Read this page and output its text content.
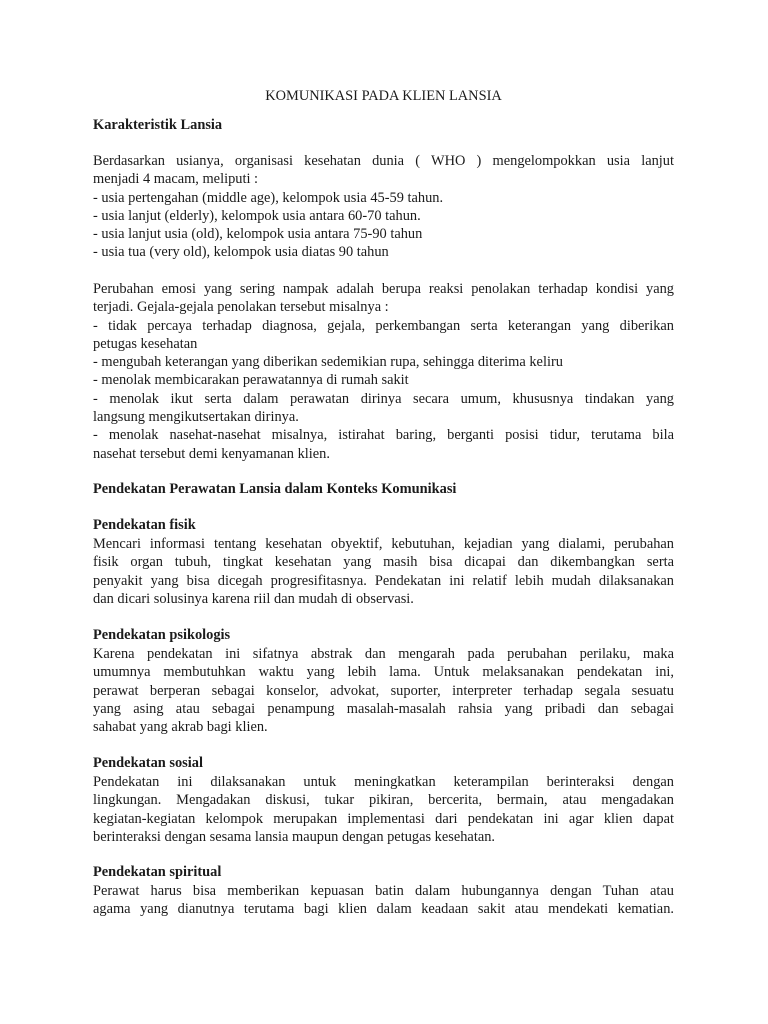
KOMUNIKASI PADA KLIEN LANSIA
Karakteristik Lansia
Berdasarkan usianya, organisasi kesehatan dunia ( WHO ) mengelompokkan usia lanjut
menjadi 4 macam, meliputi :
- usia pertengahan (middle age), kelompok usia 45-59 tahun.
- usia lanjut (elderly), kelompok usia antara 60-70 tahun.
- usia lanjut usia (old), kelompok usia antara 75-90 tahun
- usia tua (very old), kelompok usia diatas 90 tahun
Perubahan emosi yang sering nampak adalah berupa reaksi penolakan terhadap kondisi yang
terjadi. Gejala-gejala penolakan tersebut misalnya :
- tidak percaya terhadap diagnosa, gejala, perkembangan serta keterangan yang diberikan
petugas kesehatan
- mengubah keterangan yang diberikan sedemikian rupa, sehingga diterima keliru
- menolak membicarakan perawatannya di rumah sakit
- menolak ikut serta dalam perawatan dirinya secara umum, khususnya tindakan yang
langsung mengikutsertakan dirinya.
- menolak nasehat-nasehat misalnya, istirahat baring, berganti posisi tidur, terutama bila
nasehat tersebut demi kenyamanan klien.
Pendekatan Perawatan Lansia dalam Konteks Komunikasi
Pendekatan fisik
Mencari informasi tentang kesehatan obyektif, kebutuhan, kejadian yang dialami, perubahan
fisik organ tubuh, tingkat kesehatan yang masih bisa dicapai dan dikembangkan serta
penyakit yang bisa dicegah progresifitasnya. Pendekatan ini relatif lebih mudah dilaksanakan
dan dicari solusinya karena riil dan mudah di observasi.
Pendekatan psikologis
Karena pendekatan ini sifatnya abstrak dan mengarah pada perubahan perilaku, maka
umumnya membutuhkan waktu yang lebih lama. Untuk melaksanakan pendekatan ini,
perawat berperan sebagai konselor, advokat, suporter, interpreter terhadap segala sesuatu
yang asing atau sebagai penampung masalah-masalah rahsia yang pribadi dan sebagai
sahabat yang akrab bagi klien.
Pendekatan sosial
Pendekatan ini dilaksanakan untuk meningkatkan keterampilan berinteraksi dengan
lingkungan. Mengadakan diskusi, tukar pikiran, bercerita, bermain, atau mengadakan
kegiatan-kegiatan kelompok merupakan implementasi dari pendekatan ini agar klien dapat
berinteraksi dengan sesama lansia maupun dengan petugas kesehatan.
Pendekatan spiritual
Perawat harus bisa memberikan kepuasan batin dalam hubungannya dengan Tuhan atau
agama yang dianutnya terutama bagi klien dalam keadaan sakit atau mendekati kematian.
